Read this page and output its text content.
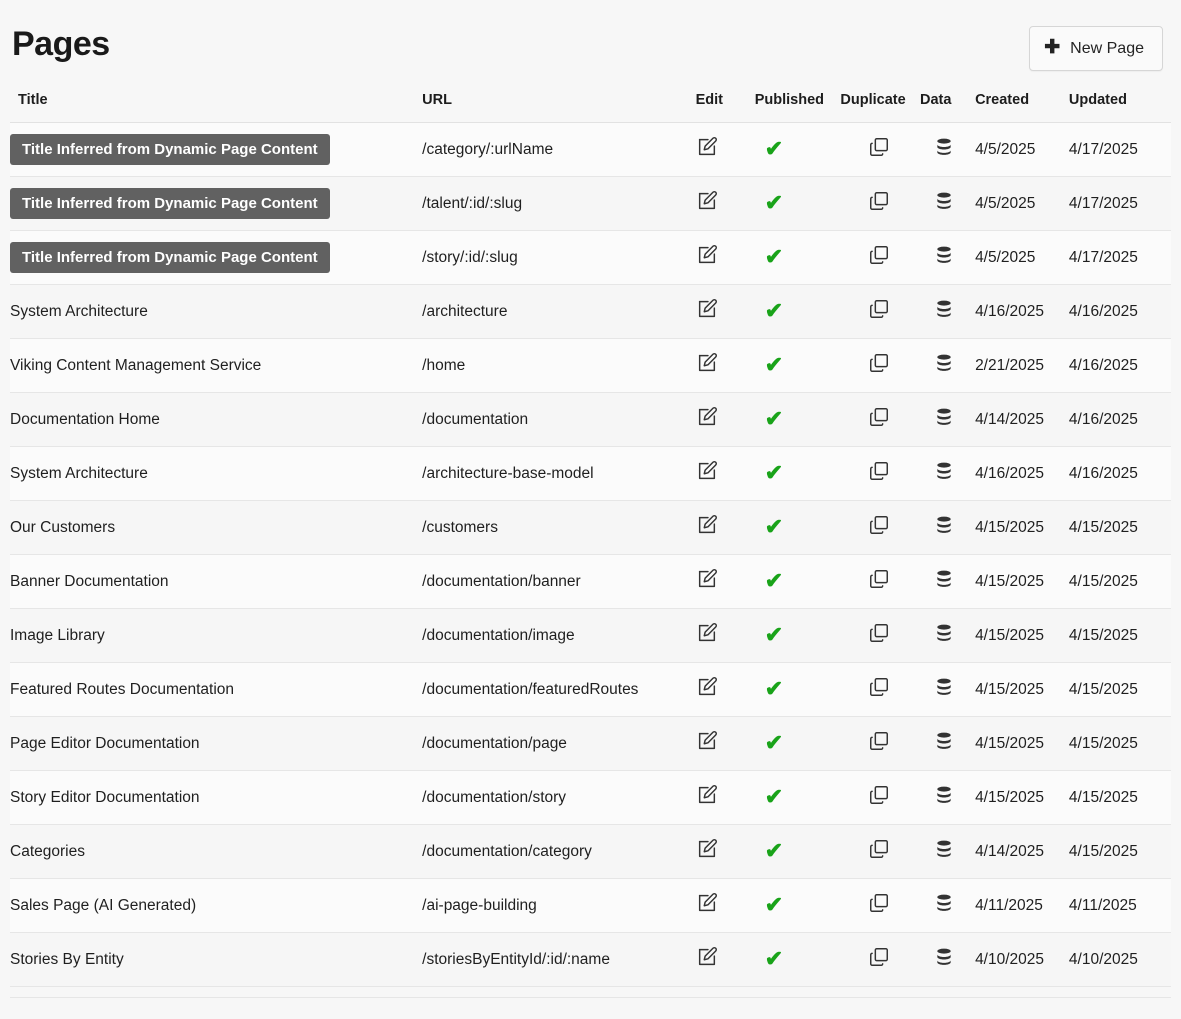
Pages	✚ New Page
Title	URL	Edit	Published	Duplicate	Data	Created	Updated
Title Inferred from Dynamic Page Content	/category/:urlName		✔			4/5/2025	4/17/2025
Title Inferred from Dynamic Page Content	/talent/:id/:slug		✔			4/5/2025	4/17/2025
Title Inferred from Dynamic Page Content	/story/:id/:slug		✔			4/5/2025	4/17/2025
System Architecture	/architecture		✔			4/16/2025	4/16/2025
Viking Content Management Service	/home		✔			2/21/2025	4/16/2025
Documentation Home	/documentation		✔			4/14/2025	4/16/2025
System Architecture	/architecture-base-model		✔			4/16/2025	4/16/2025
Our Customers	/customers		✔			4/15/2025	4/15/2025
Banner Documentation	/documentation/banner		✔			4/15/2025	4/15/2025
Image Library	/documentation/image		✔			4/15/2025	4/15/2025
Featured Routes Documentation	/documentation/featuredRoutes		✔			4/15/2025	4/15/2025
Page Editor Documentation	/documentation/page		✔			4/15/2025	4/15/2025
Story Editor Documentation	/documentation/story		✔			4/15/2025	4/15/2025
Categories	/documentation/category		✔			4/14/2025	4/15/2025
Sales Page (AI Generated)	/ai-page-building		✔			4/11/2025	4/11/2025
Stories By Entity	/storiesByEntityId/:id/:name		✔			4/10/2025	4/10/2025
